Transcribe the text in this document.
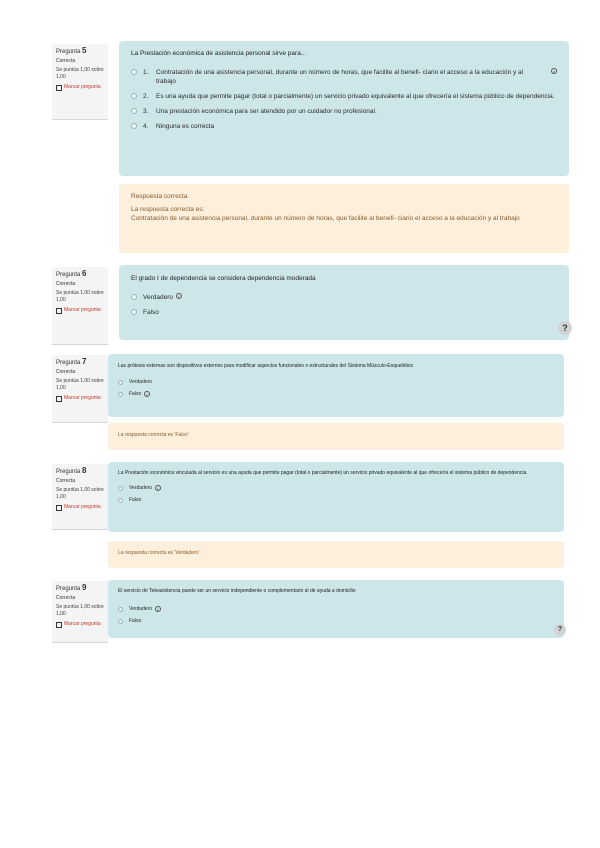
Pregunta 5
Correcta
Se puntúa 1,00 sobre 1,00
Marcar pregunta
La Prestación económica de asistencia personal sirve para...
1.	Contratación de una asistencia personal, durante un número de horas, que facilite al benefi- ciario el acceso a la educación y al trabajo
✓
2.	Es una ayuda que permite pagar (total o parcialmente) un servicio privado equivalente al que ofrecería el sistema público de dependencia.
3.	Una prestación económica para ser atendido por un cuidador no profesional.
4.	Ninguna es correcta
Respuesta correcta
La respuesta correcta es:
Contratación de una asistencia personal, durante un número de horas, que facilite al benefi- ciario el acceso a la educación y al trabajo
Pregunta 6
Correcta
Se puntúa 1,00 sobre 1,00
Marcar pregunta
El grado I de dependencia se considera dependencia moderada
Verdadero	✓
Falso
?
Pregunta 7
Correcta
Se puntúa 1,00 sobre 1,00
Marcar pregunta
Las prótesis externas son dispositivos externos para modificar aspectos funcionales o estructurales del Sistema Músculo-Esquelético
Verdadero
Falso	✓
La respuesta correcta es 'Falso'
Pregunta 8
Correcta
Se puntúa 1,00 sobre 1,00
Marcar pregunta
La Prestación económica vinculada al servicio es una ayuda que permite pagar (total o parcialmente) un servicio privado equivalente al que ofrecería el sistema público de dependencia.
Verdadero	✓
Falso
La respuesta correcta es 'Verdadero'
Pregunta 9
Correcta
Se puntúa 1,00 sobre 1,00
Marcar pregunta
El servicio de Teleasistencia puede ser un servicio independiente o complementario al de ayuda a domicilio
Verdadero	✓
Falso
?
